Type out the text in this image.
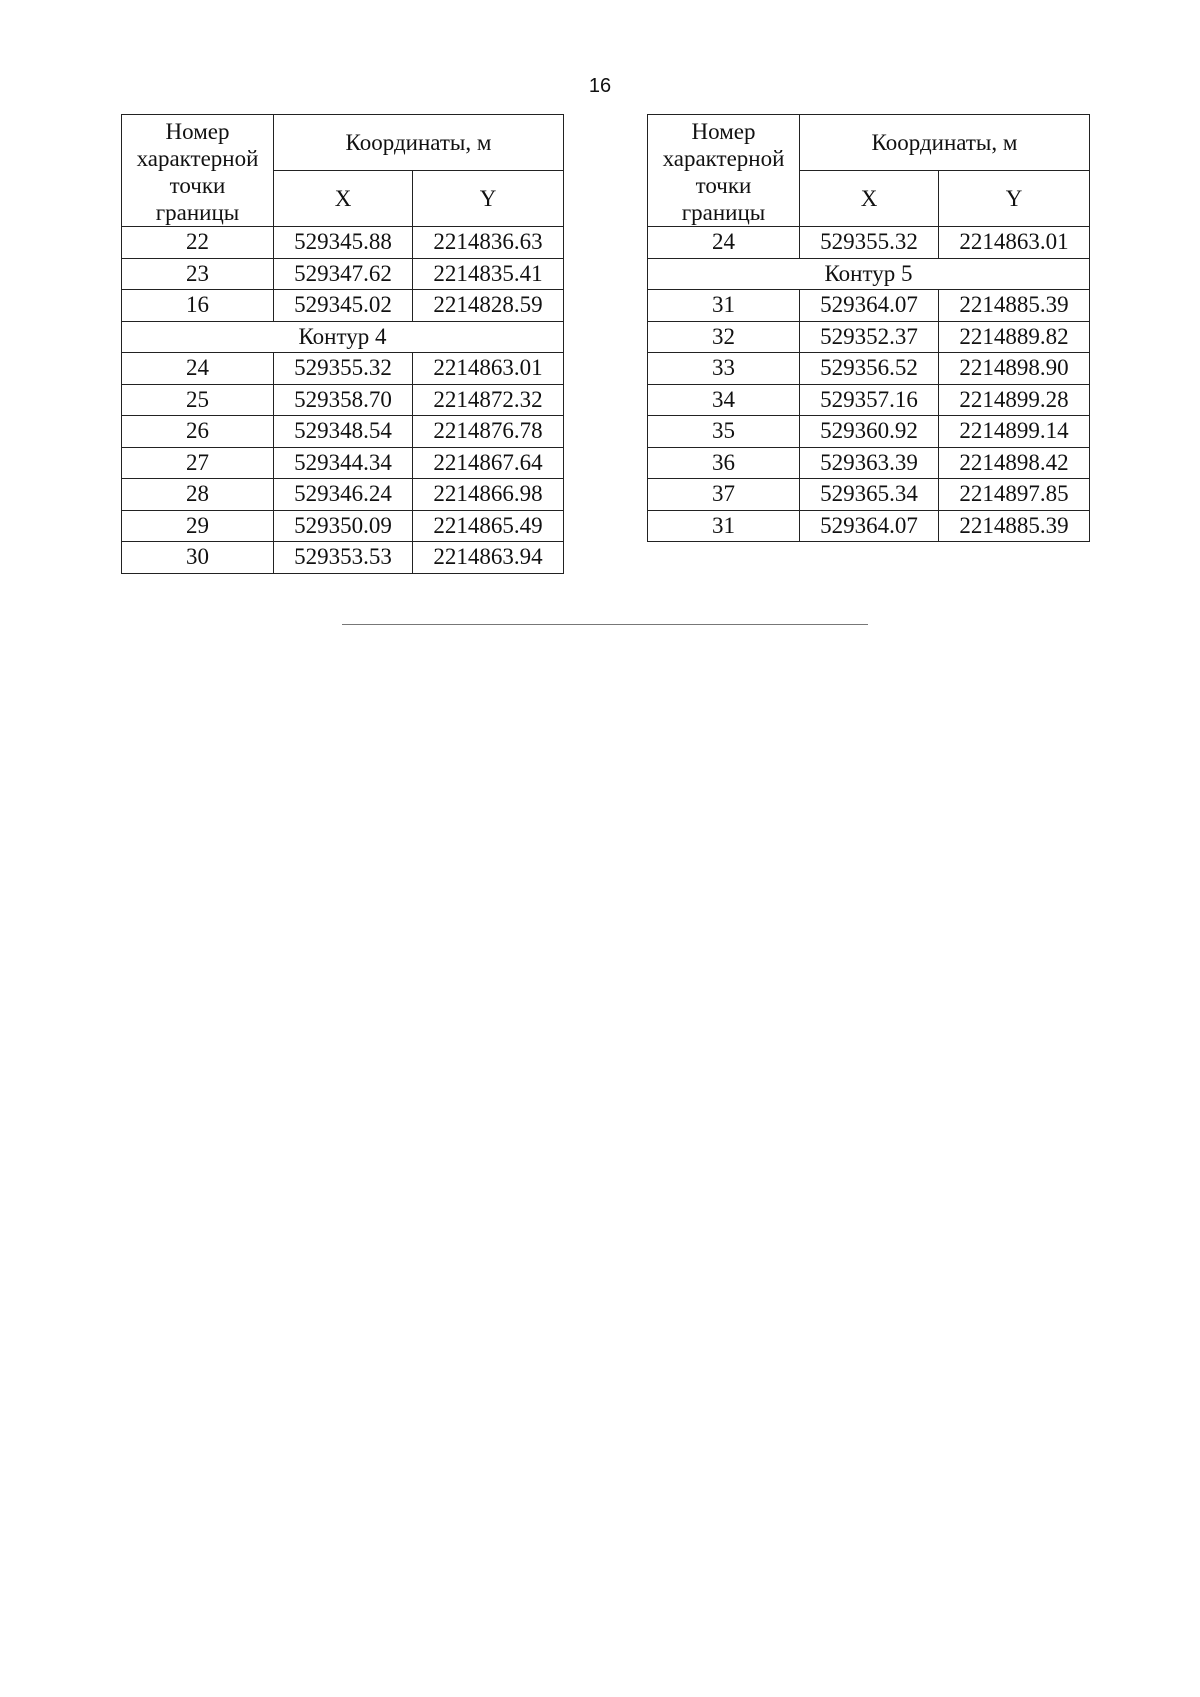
16
Номер
характерной
точки
границы	Координаты, м	
	X	Y
22	529345.88	2214836.63
23	529347.62	2214835.41
16	529345.02	2214828.59
Контур 4		
24	529355.32	2214863.01
25	529358.70	2214872.32
26	529348.54	2214876.78
27	529344.34	2214867.64
28	529346.24	2214866.98
29	529350.09	2214865.49
30	529353.53	2214863.94
Номер
характерной
точки
границы	Координаты, м	
	X	Y
24	529355.32	2214863.01
Контур 5		
31	529364.07	2214885.39
32	529352.37	2214889.82
33	529356.52	2214898.90
34	529357.16	2214899.28
35	529360.92	2214899.14
36	529363.39	2214898.42
37	529365.34	2214897.85
31	529364.07	2214885.39
